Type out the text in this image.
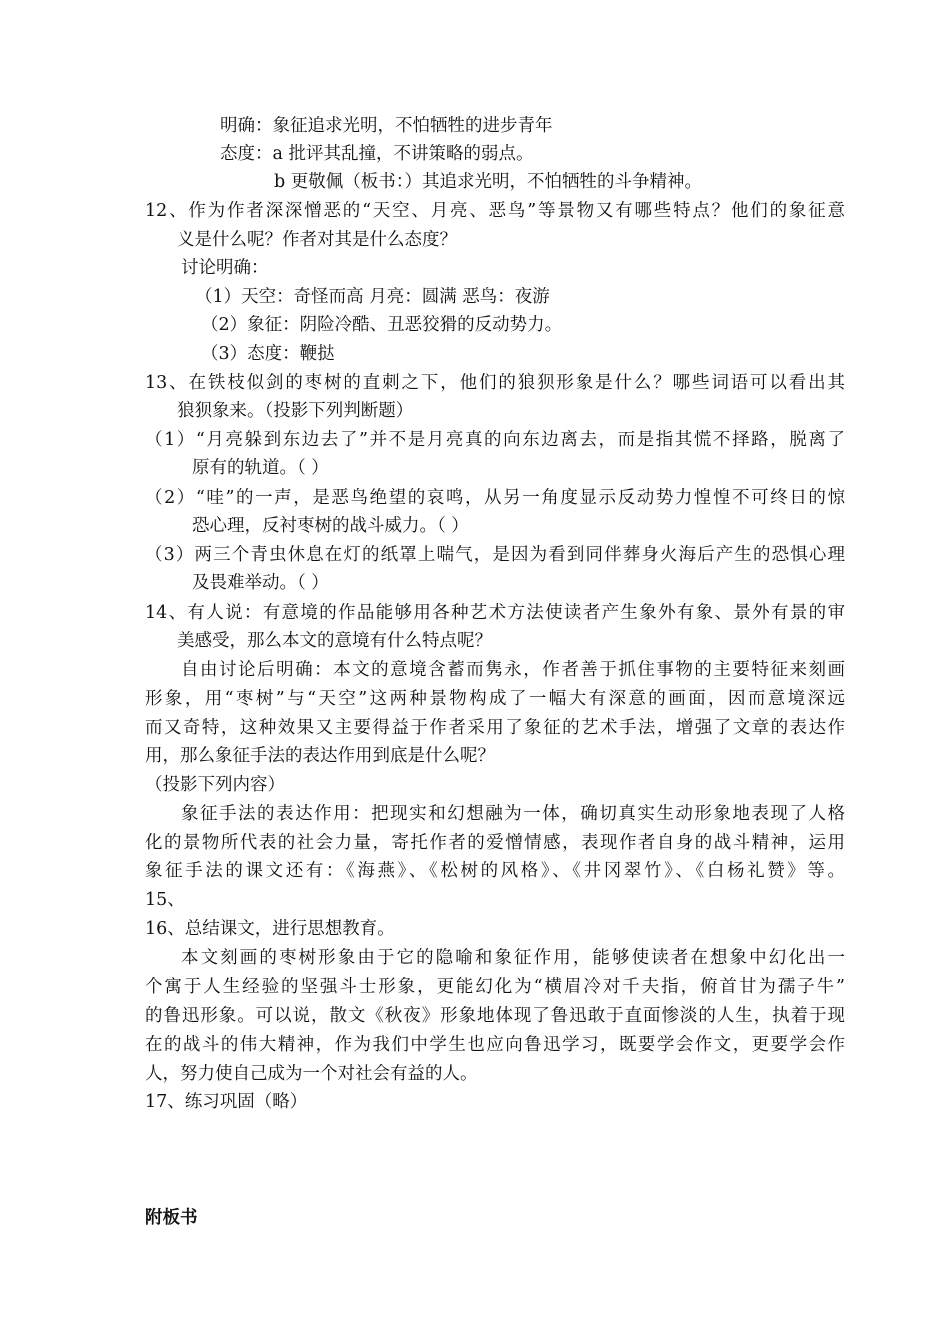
明确：象征追求光明，不怕牺牲的进步青年
态度：a 批评其乱撞，不讲策略的弱点。
b 更敬佩（板书：）其追求光明，不怕牺牲的斗争精神。
12、作为作者深深憎恶的“天空、月亮、恶鸟”等景物又有哪些特点？他们的象征意
义是什么呢？作者对其是什么态度？
讨论明确：
（1）天空：奇怪而高 月亮：圆满 恶鸟：夜游
（2）象征：阴险冷酷、丑恶狡猾的反动势力。
（3）态度：鞭挞
13、在铁枝似剑的枣树的直刺之下，他们的狼狈形象是什么？哪些词语可以看出其
狼狈象来。（投影下列判断题）
（1）“月亮躲到东边去了”并不是月亮真的向东边离去，而是指其慌不择路，脱离了
原有的轨道。（ ）
（2）“哇”的一声，是恶鸟绝望的哀鸣，从另一角度显示反动势力惶惶不可终日的惊
恐心理，反衬枣树的战斗威力。（ ）
（3）两三个青虫休息在灯的纸罩上喘气，是因为看到同伴葬身火海后产生的恐惧心理
及畏难举动。（ ）
14、有人说：有意境的作品能够用各种艺术方法使读者产生象外有象、景外有景的审
美感受，那么本文的意境有什么特点呢？
自由讨论后明确：本文的意境含蓄而隽永，作者善于抓住事物的主要特征来刻画
形象，用“枣树”与“天空”这两种景物构成了一幅大有深意的画面，因而意境深远
而又奇特，这种效果又主要得益于作者采用了象征的艺术手法，增强了文章的表达作
用，那么象征手法的表达作用到底是什么呢？
（投影下列内容）
象征手法的表达作用：把现实和幻想融为一体，确切真实生动形象地表现了人格
化的景物所代表的社会力量，寄托作者的爱憎情感，表现作者自身的战斗精神，运用
象征手法的课文还有：《海燕》、《松树的风格》、《井冈翠竹》、《白杨礼赞》等。
15、
16、总结课文，进行思想教育。
本文刻画的枣树形象由于它的隐喻和象征作用，能够使读者在想象中幻化出一
个寓于人生经验的坚强斗士形象，更能幻化为“横眉冷对千夫指，俯首甘为孺子牛”
的鲁迅形象。可以说，散文《秋夜》形象地体现了鲁迅敢于直面惨淡的人生，执着于现
在的战斗的伟大精神，作为我们中学生也应向鲁迅学习，既要学会作文，更要学会作
人，努力使自己成为一个对社会有益的人。
17、练习巩固（略）
附板书
